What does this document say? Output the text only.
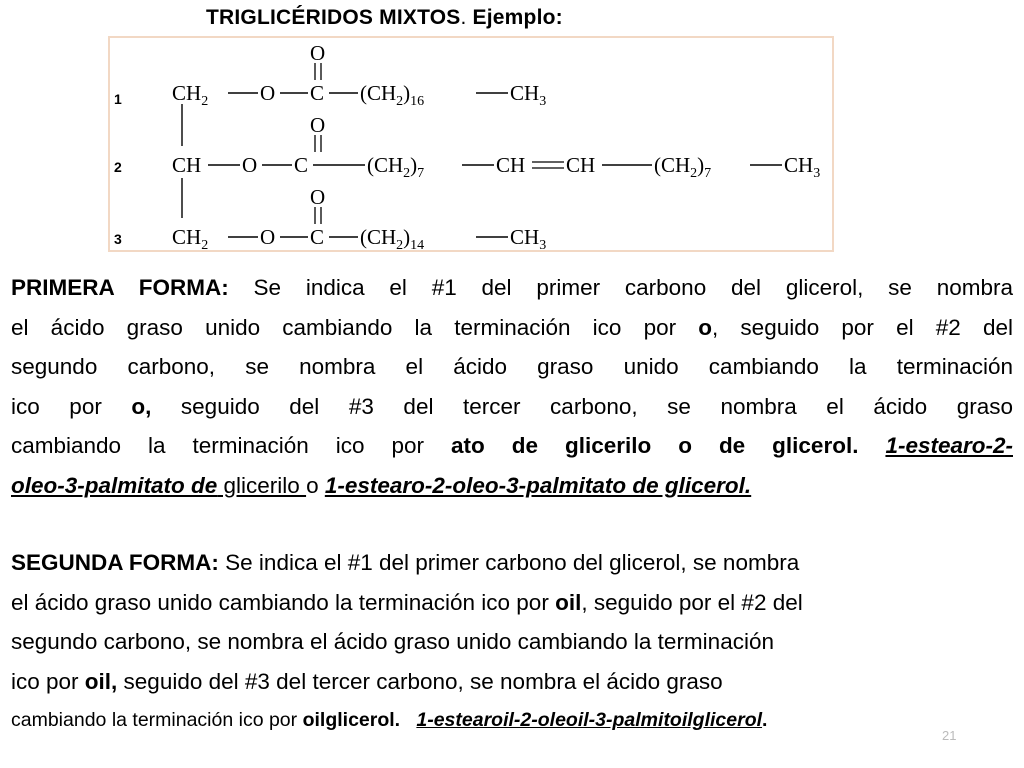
TRIGLICÉRIDOS MIXTOS. Ejemplo:
1
2
3
$CH_2$ O C
O
$(CH_2)_{16}$	$CH_3$
CH O C
O
$(CH_2)_7$	CH CH	$(CH_2)_7$	$CH_3$
$CH_2$ O C
O
$(CH_2)_{14}$	$CH_3$
PRIMERA FORMA: Se indica el #1 del primer carbono del glicerol, se nombra
el ácido graso unido cambiando la terminación ico por o, seguido por el #2 del
segundo carbono, se nombra el ácido graso unido cambiando la terminación
ico por o, seguido del #3 del tercer carbono, se nombra el ácido graso
cambiando la terminación ico por ato de glicerilo o de glicerol. 1-estearo-2-
oleo-3-palmitato de glicerilo o 1-estearo-2-oleo-3-palmitato de glicerol.
SEGUNDA FORMA: Se indica el #1 del primer carbono del glicerol, se nombra
el ácido graso unido cambiando la terminación ico por oil, seguido por el #2 del
segundo carbono, se nombra el ácido graso unido cambiando la terminación
ico por oil, seguido del #3 del tercer carbono, se nombra el ácido graso
cambiando la terminación ico por oilglicerol. 1-estearoil-2-oleoil-3-palmitoilglicerol.
21
